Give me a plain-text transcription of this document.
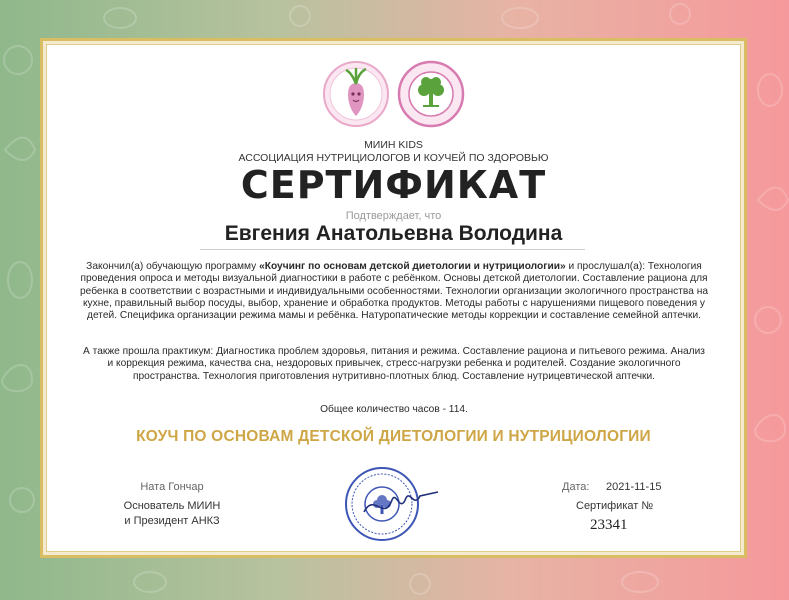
МИИН KIDS
АССОЦИАЦИЯ НУТРИЦИОЛОГОВ И КОУЧЕЙ ПО ЗДОРОВЬЮ
СЕРТИФИКАТ
Подтверждает, что
Евгения Анатольевна Володина
Закончил(а) обучающую программу «Коучинг по основам детской диетологии и нутрициологии» и прослушал(а): Технология проведения опроса и методы визуальной диагностики в работе с ребёнком. Основы детской диетологии. Составление рациона для ребенка в соответствии с возрастными и индивидуальными особенностями. Технологии организации экологичного пространства на кухне, правильный выбор посуды, выбор, хранение и обработка продуктов. Методы работы с нарушениями пищевого поведения у детей. Специфика организации режима мамы и ребёнка. Натуропатические методы коррекции и составление семейной аптечки.
А также прошла практикум: Диагностика проблем здоровья, питания и режима. Составление рациона и питьевого режима. Анализ и коррекция режима, качества сна, нездоровых привычек, стресс-нагрузки ребенка и родителей. Создание экологичного пространства. Технология приготовления нутритивно-плотных блюд. Составление нутрицевтической аптечки.
Общее количество часов - 114.
КОУЧ ПО ОСНОВАМ ДЕТСКОЙ ДИЕТОЛОГИИ И НУТРИЦИОЛОГИИ
Ната Гончар
Основатель МИИН
и Президент АНКЗ
Дата: 2021-11-15
Сертификат №
23341
